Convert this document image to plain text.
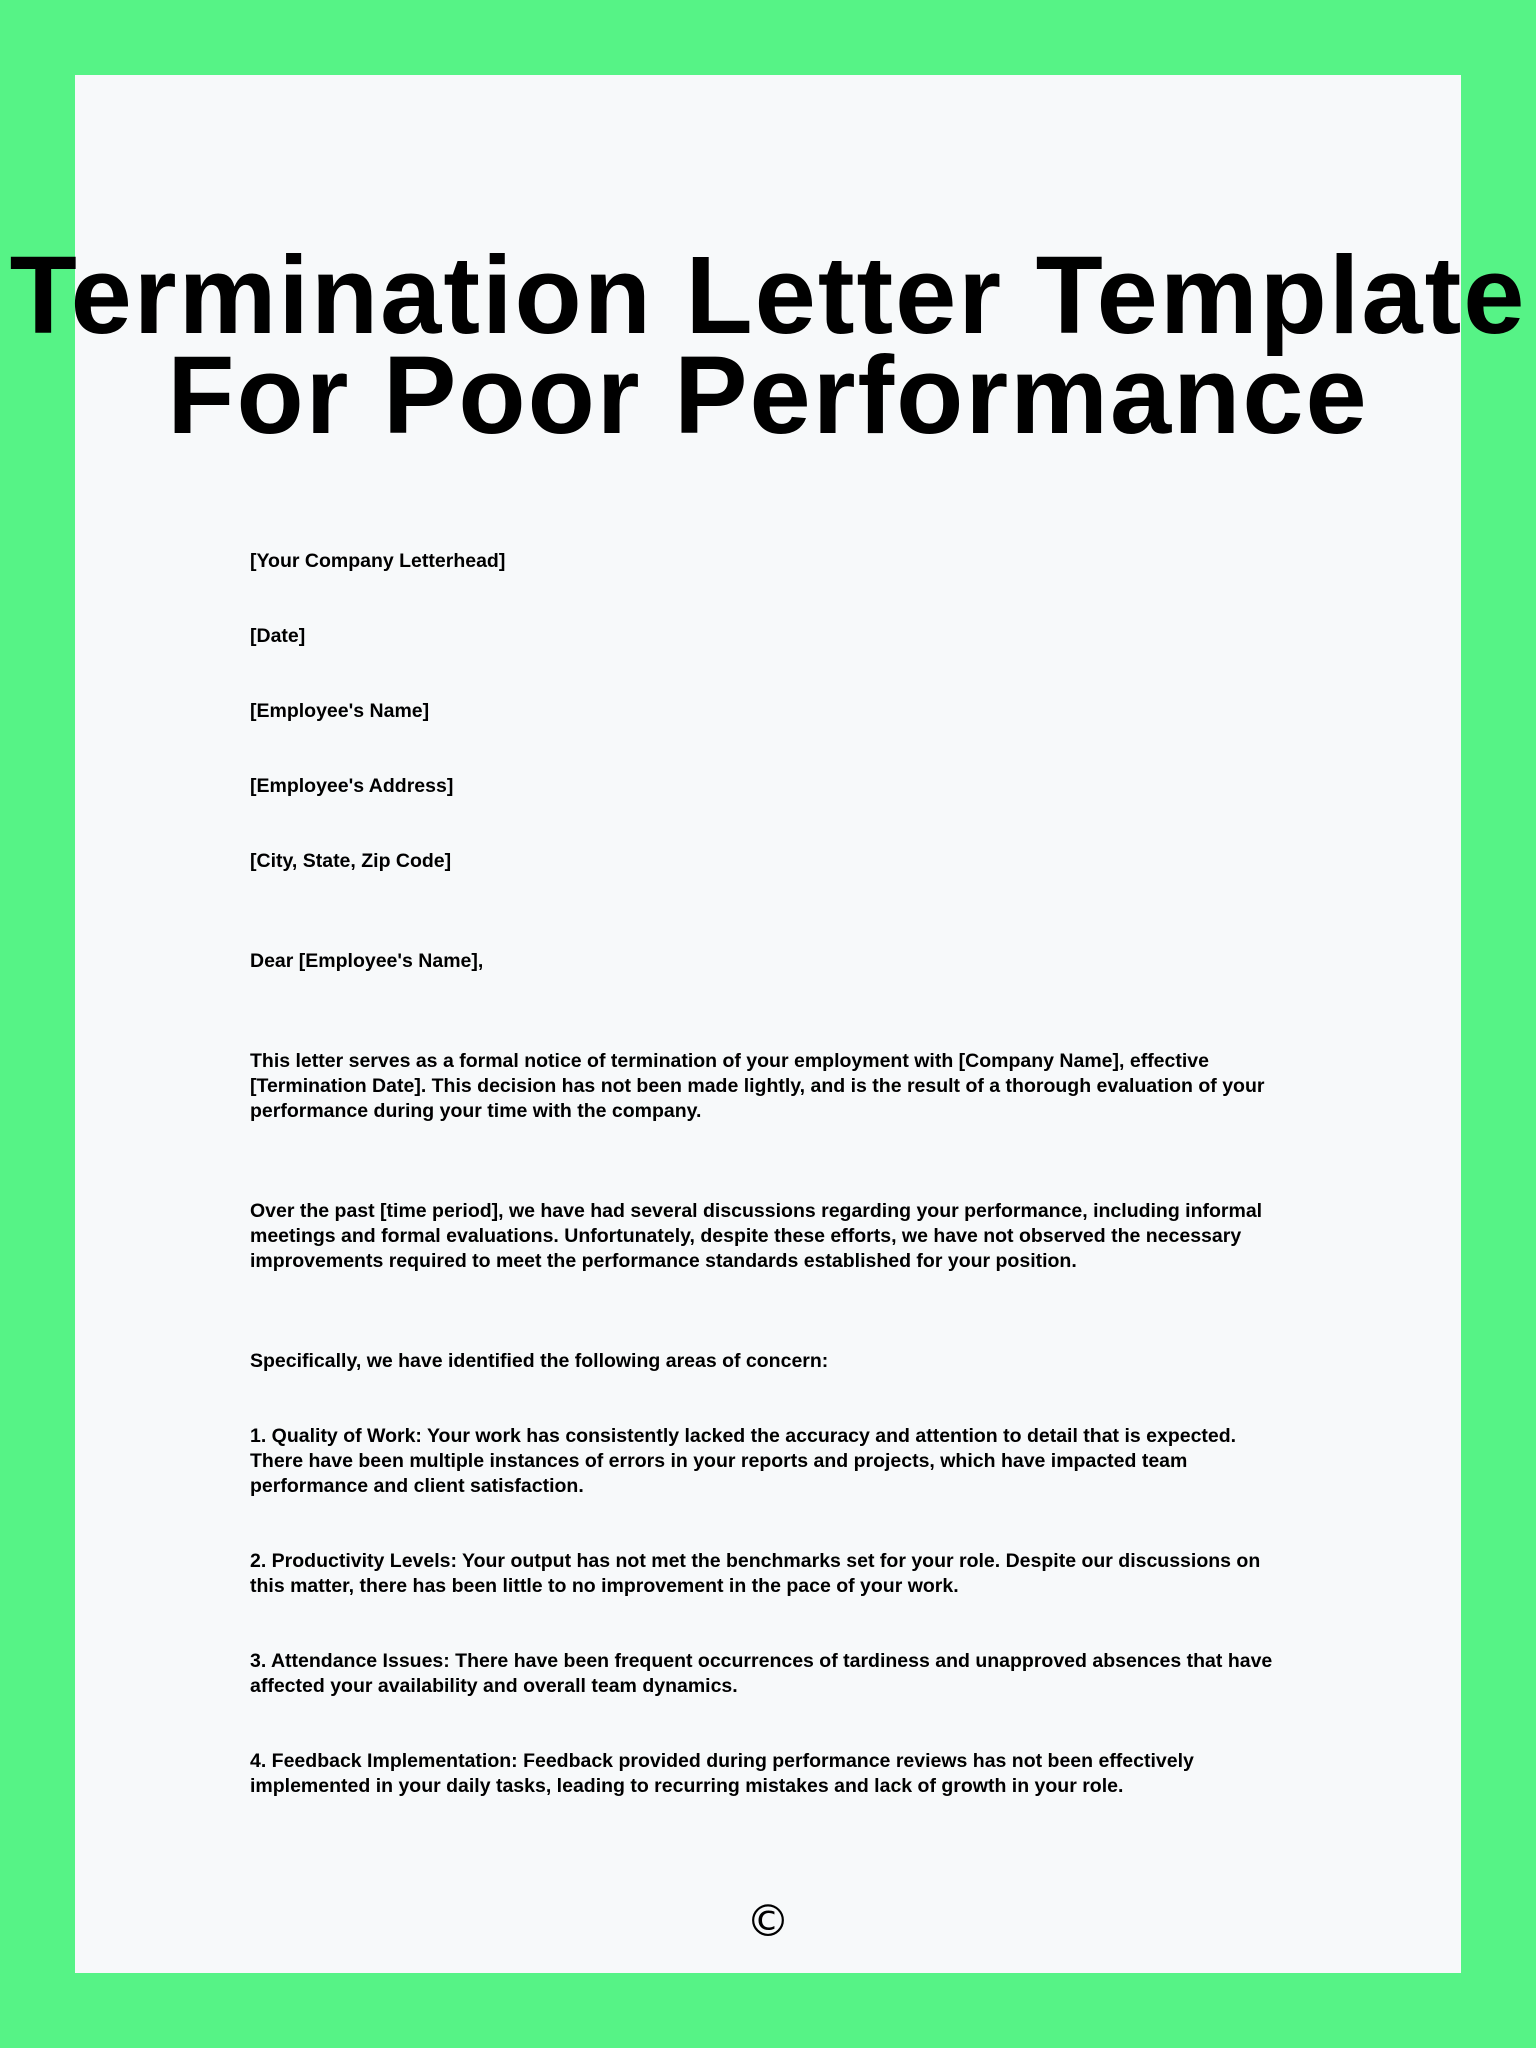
Termination Letter Template
For Poor Performance

[Your Company Letterhead]

[Date]

[Employee's Name]

[Employee's Address]

[City, State, Zip Code]

Dear [Employee's Name],

This letter serves as a formal notice of termination of your employment with [Company Name], effective [Termination Date]. This decision has not been made lightly, and is the result of a thorough evaluation of your performance during your time with the company.

Over the past [time period], we have had several discussions regarding your performance, including informal meetings and formal evaluations. Unfortunately, despite these efforts, we have not observed the necessary improvements required to meet the performance standards established for your position.

Specifically, we have identified the following areas of concern:

1. Quality of Work: Your work has consistently lacked the accuracy and attention to detail that is expected. There have been multiple instances of errors in your reports and projects, which have impacted team performance and client satisfaction.

2. Productivity Levels: Your output has not met the benchmarks set for your role. Despite our discussions on this matter, there has been little to no improvement in the pace of your work.

3. Attendance Issues: There have been frequent occurrences of tardiness and unapproved absences that have affected your availability and overall team dynamics.

4. Feedback Implementation: Feedback provided during performance reviews has not been effectively implemented in your daily tasks, leading to recurring mistakes and lack of growth in your role.

©
